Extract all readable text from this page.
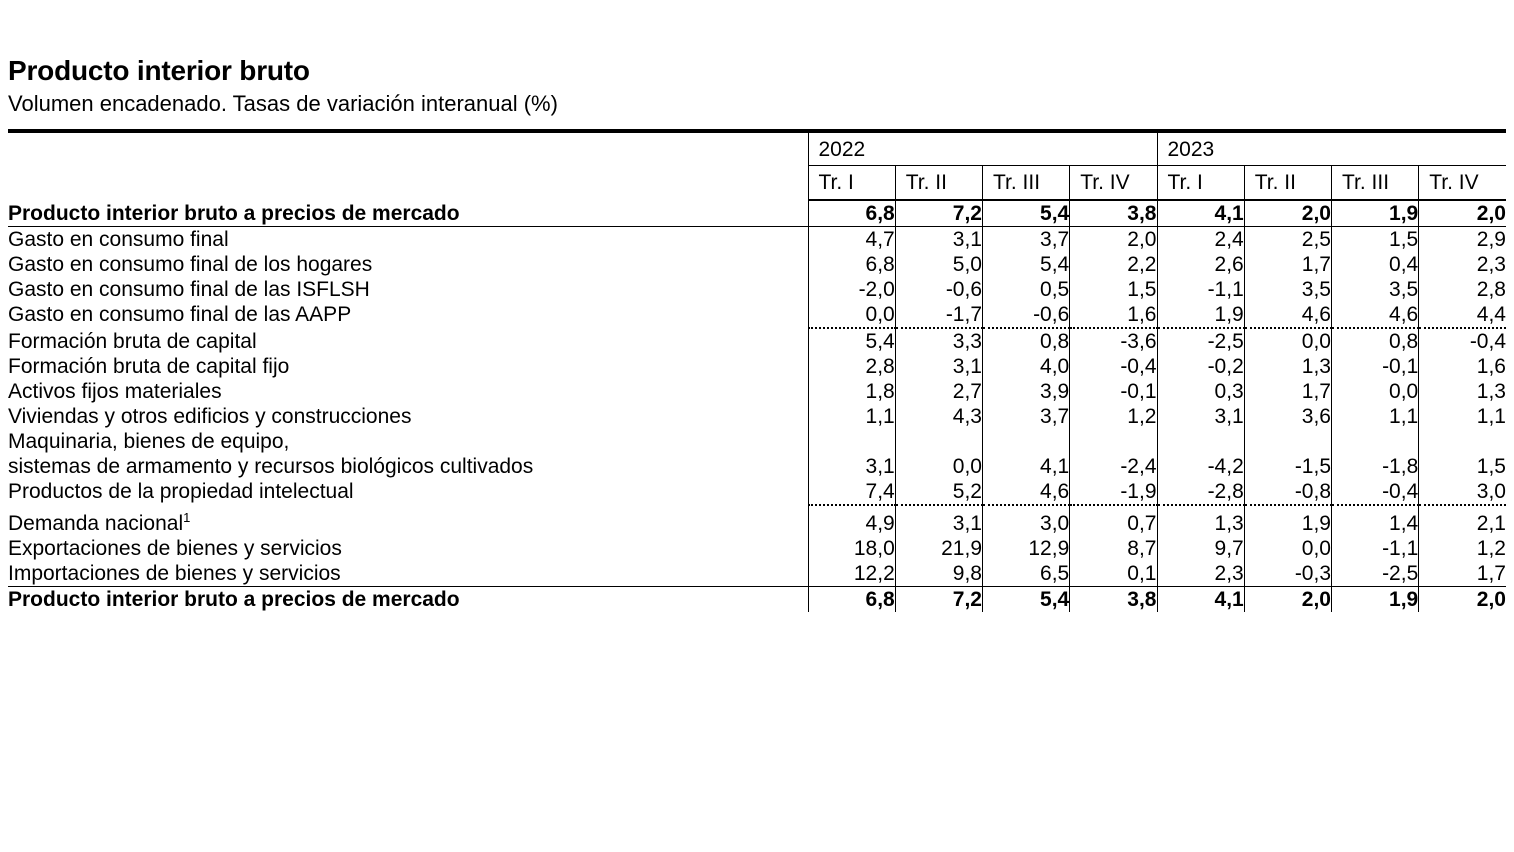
Producto interior bruto
Volumen encadenado. Tasas de variación interanual (%)

	2022				2023			
	Tr. I	Tr. II	Tr. III	Tr. IV	Tr. I	Tr. II	Tr. III	Tr. IV
Producto interior bruto a precios de mercado	6,8	7,2	5,4	3,8	4,1	2,0	1,9	2,0

Gasto en consumo final	4,7	3,1	3,7	2,0	2,4	2,5	1,5	2,9
Gasto en consumo final de los hogares	6,8	5,0	5,4	2,2	2,6	1,7	0,4	2,3
Gasto en consumo final de las ISFLSH	-2,0	-0,6	0,5	1,5	-1,1	3,5	3,5	2,8
Gasto en consumo final de las AAPP	0,0	-1,7	-0,6	1,6	1,9	4,6	4,6	4,4

Formación bruta de capital	5,4	3,3	0,8	-3,6	-2,5	0,0	0,8	-0,4
Formación bruta de capital fijo	2,8	3,1	4,0	-0,4	-0,2	1,3	-0,1	1,6
Activos fijos materiales	1,8	2,7	3,9	-0,1	0,3	1,7	0,0	1,3
Viviendas y otros edificios y construcciones	1,1	4,3	3,7	1,2	3,1	3,6	1,1	1,1
Maquinaria, bienes de equipo,
sistemas de armamento y recursos biológicos cultivados	3,1	0,0	4,1	-2,4	-4,2	-1,5	-1,8	1,5
Productos de la propiedad intelectual	7,4	5,2	4,6	-1,9	-2,8	-0,8	-0,4	3,0

Demanda nacional$^1$	4,9	3,1	3,0	0,7	1,3	1,9	1,4	2,1
Exportaciones de bienes y servicios	18,0	21,9	12,9	8,7	9,7	0,0	-1,1	1,2
Importaciones de bienes y servicios	12,2	9,8	6,5	0,1	2,3	-0,3	-2,5	1,7

Producto interior bruto a precios de mercado	6,8	7,2	5,4	3,8	4,1	2,0	1,9	2,0
